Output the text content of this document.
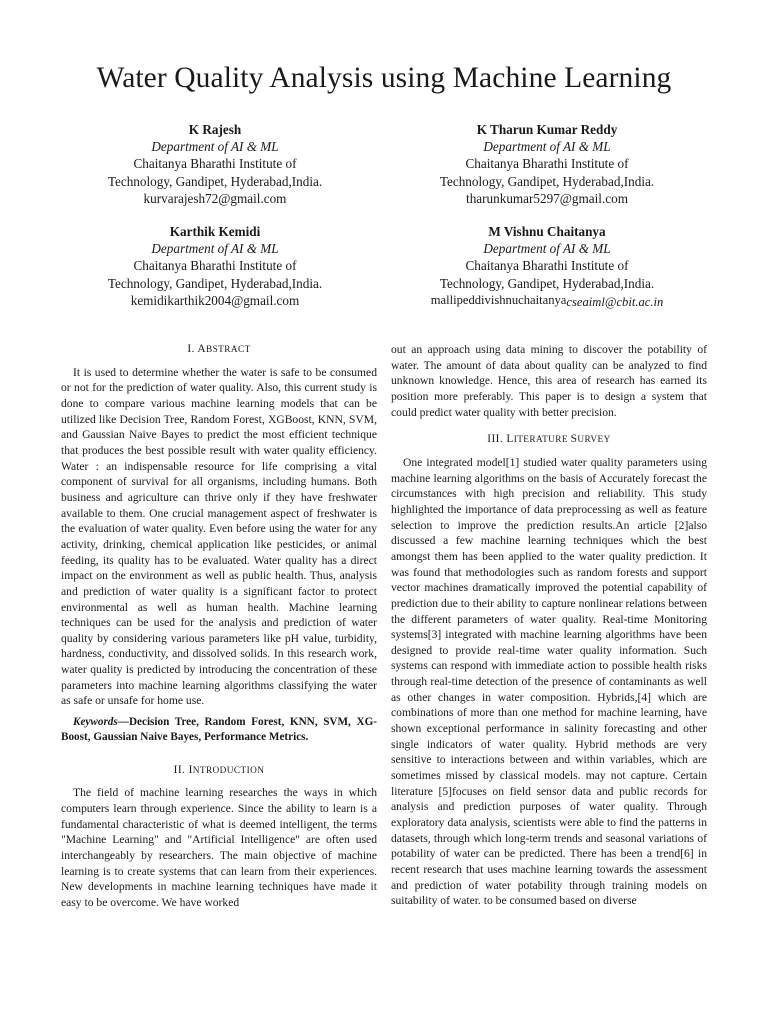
Water Quality Analysis using Machine Learning
K Rajesh
Department of AI & ML
Chaitanya Bharathi Institute of
Technology, Gandipet, Hyderabad,India.
kurvarajesh72@gmail.com
K Tharun Kumar Reddy
Department of AI & ML
Chaitanya Bharathi Institute of
Technology, Gandipet, Hyderabad,India.
tharunkumar5297@gmail.com
Karthik Kemidi
Department of AI & ML
Chaitanya Bharathi Institute of
Technology, Gandipet, Hyderabad,India.
kemidikarthik2004@gmail.com
M Vishnu Chaitanya
Department of AI & ML
Chaitanya Bharathi Institute of
Technology, Gandipet, Hyderabad,India.
mallipeddivishnuchaitanya$_{cseaiml@cbit.ac.in}$
I. ABSTRACT

It is used to determine whether the water is safe to be consumed or not for the prediction of water quality. Also, this current study is done to compare various machine learning models that can be utilized like Decision Tree, Random Forest, XGBoost, KNN, SVM, and Gaussian Naive Bayes to predict the most efficient technique that produces the best possible result with water quality efficiency. Water : an indispensable resource for life comprising a vital component of survival for all organisms, including humans. Both business and agriculture can thrive only if they have freshwater available to them. One crucial management aspect of freshwater is the evaluation of water quality. Even before using the water for any activity, drinking, chemical application like pesticides, or animal feeding, its quality has to be evaluated. Water quality has a direct impact on the environment as well as public health. Thus, analysis and prediction of water quality is a significant factor to protect environmental as well as human health. Machine learning techniques can be used for the analysis and prediction of water quality by considering various parameters like pH value, turbidity, hardness, conductivity, and dissolved solids. In this research work, water quality is predicted by introducing the concentration of these parameters into machine learning algorithms classifying the water as safe or unsafe for home use.

Keywords—Decision Tree, Random Forest, KNN, SVM, XG-Boost, Gaussian Naive Bayes, Performance Metrics.

II. INTRODUCTION

The field of machine learning researches the ways in which computers learn through experience. Since the ability to learn is a fundamental characteristic of what is deemed intelligent, the terms "Machine Learning" and "Artificial Intelligence" are often used interchangeably by researchers. The main objective of machine learning is to create systems that can learn from their experiences. New developments in machine learning techniques have made it easy to be overcome. We have worked

out an approach using data mining to discover the potability of water. The amount of data about quality can be analyzed to find unknown knowledge. Hence, this area of research has earned its position more preferably. This paper is to design a system that could predict water quality with better precision.

III. LITERATURE SURVEY

One integrated model[1] studied water quality parameters using machine learning algorithms on the basis of Accurately forecast the circumstances with high precision and reliability. This study highlighted the importance of data preprocessing as well as feature selection to improve the prediction results.An article [2]also discussed a few machine learning techniques which the best amongst them has been applied to the water quality prediction. It was found that methodologies such as random forests and support vector machines dramatically improved the potential capability of prediction due to their ability to capture nonlinear relations between the different parameters of water quality. Real-time Monitoring systems[3] integrated with machine learning algorithms have been designed to provide real-time water quality information. Such systems can respond with immediate action to possible health risks through real-time detection of the presence of contaminants as well as other changes in water composition. Hybrids,[4] which are combinations of more than one method for machine learning, have shown exceptional performance in salinity forecasting and other single indicators of water quality. Hybrid methods are very sensitive to interactions between and within variables, which are sometimes missed by classical models. may not capture. Certain literature [5]focuses on field sensor data and public records for analysis and prediction purposes of water quality. Through exploratory data analysis, scientists were able to find the patterns in datasets, through which long-term trends and seasonal variations of potability of water can be predicted. There has been a trend[6] in recent research that uses machine learning towards the assessment and prediction of water potability through training models on suitability of water. to be consumed based on diverse
